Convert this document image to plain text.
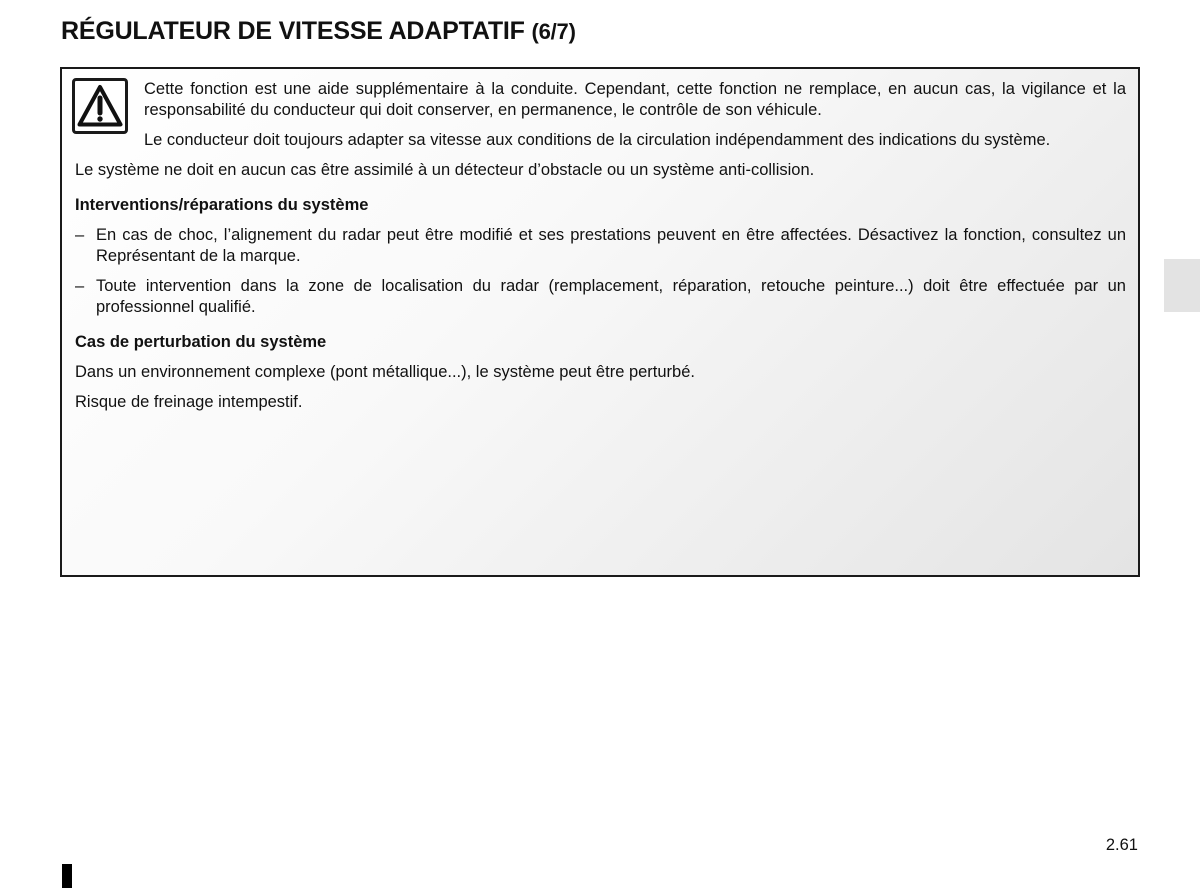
RÉGULATEUR DE VITESSE ADAPTATIF (6/7)

Cette fonction est une aide supplémentaire à la conduite. Cependant, cette fonction ne remplace, en aucun cas, la vigilance et la responsabilité du conducteur qui doit conserver, en permanence, le contrôle de son véhicule.

Le conducteur doit toujours adapter sa vitesse aux conditions de la circulation indépendamment des indications du système.

Le système ne doit en aucun cas être assimilé à un détecteur d’obstacle ou un système anti-collision.

Interventions/réparations du système

– En cas de choc, l’alignement du radar peut être modifié et ses prestations peuvent en être affectées. Désactivez la fonction, consultez un Représentant de la marque.
– Toute intervention dans la zone de localisation du radar (remplacement, réparation, retouche peinture...) doit être effectuée par un professionnel qualifié.

Cas de perturbation du système

Dans un environnement complexe (pont métallique...), le système peut être perturbé.

Risque de freinage intempestif.

2.61
